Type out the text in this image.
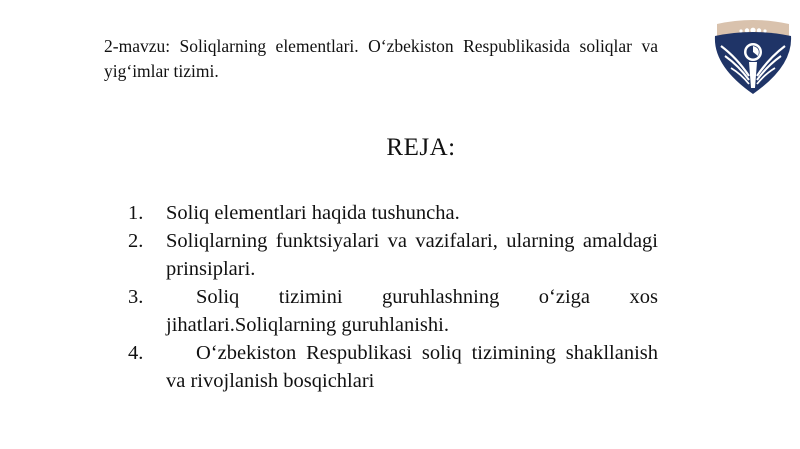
2-mavzu: Soliqlarning elementlari. O‘zbekiston Respublikasida soliqlar va yig‘imlar tizimi.
REJA:
1. Soliq elementlari haqida tushuncha.
2. Soliqlarning funktsiyalari va vazifalari, ularning amaldagi prinsiplari.
3.	Soliq tizimini guruhlashning o‘ziga xos jihatlari.Soliqlarning guruhlanishi.
4.	O‘zbekiston Respublikasi soliq tizimining shakllanish va rivojlanish bosqichlari
